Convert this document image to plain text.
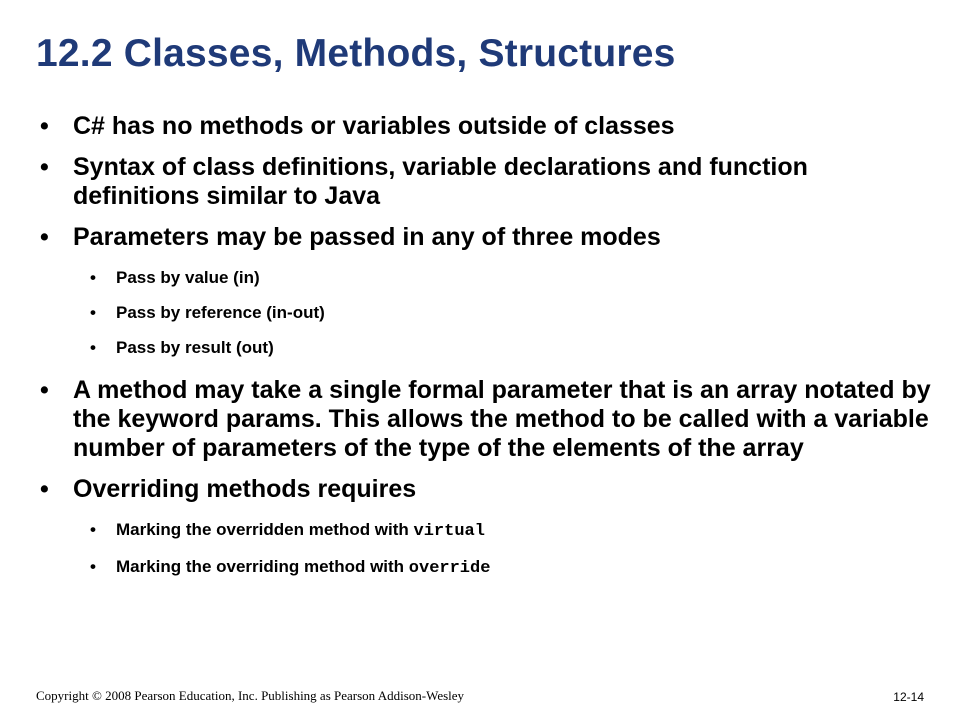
12.2 Classes, Methods, Structures
• C# has no methods or variables outside of classes
• Syntax of class definitions, variable declarations and function definitions similar to Java
• Parameters may be passed in any of three modes
• Pass by value (in)
• Pass by reference (in-out)
• Pass by result (out)
• A method may take a single formal parameter that is an array notated by the keyword params. This allows the method to be called with a variable number of parameters of the type of the elements of the array
• Overriding methods requires
• Marking the overridden method with virtual
• Marking the overriding method with override
Copyright © 2008 Pearson Education, Inc. Publishing as Pearson Addison-Wesley	12-14
